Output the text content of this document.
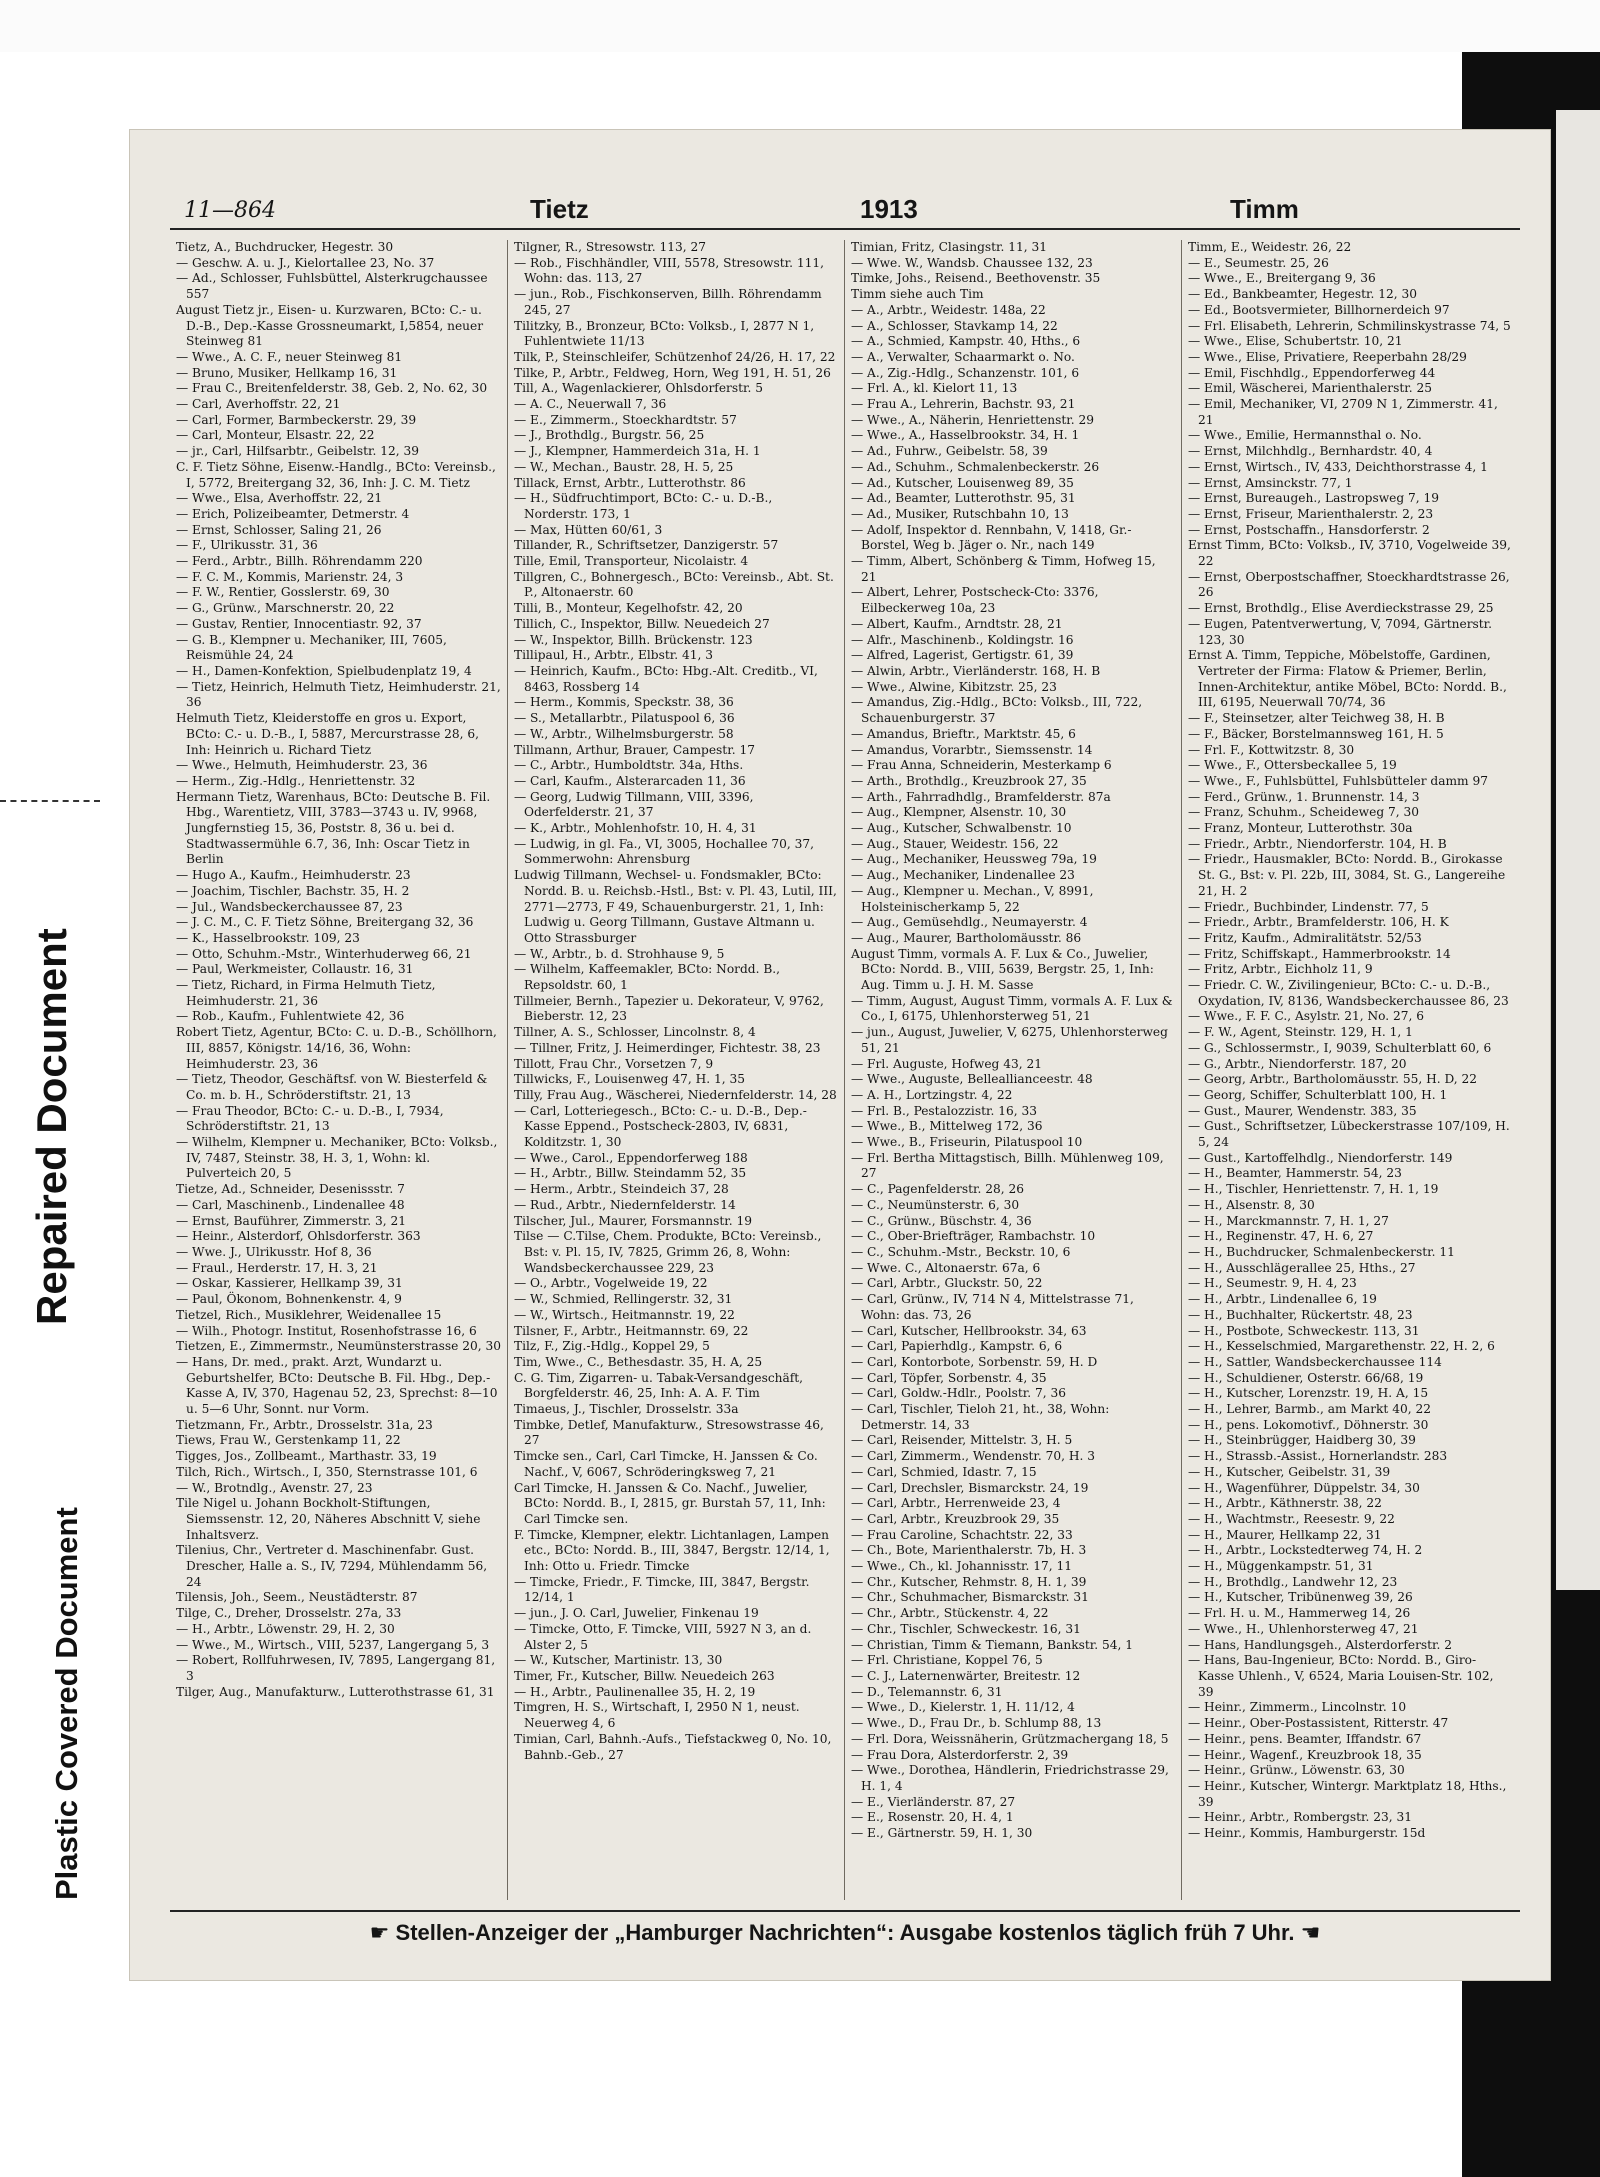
Repaired Document
Plastic Covered Document
11—864	Tietz	1913	Timm
Tietz, A., Buchdrucker, Hegestr. 30
— Geschw. A. u. J., Kielortallee 23, No. 37
— Ad., Schlosser, Fuhlsbüttel, Alsterkrugchaussee 557
August Tietz jr., Eisen- u. Kurzwaren, BCto: C.- u. D.-B., Dep.-Kasse Grossneumarkt, I,5854, neuer Steinweg 81
— Wwe., A. C. F., neuer Steinweg 81
— Bruno, Musiker, Hellkamp 16, 31
— Frau C., Breitenfelderstr. 38, Geb. 2, No. 62, 30
— Carl, Averhoffstr. 22, 21
— Carl, Former, Barmbeckerstr. 29, 39
— Carl, Monteur, Elsastr. 22, 22
— jr., Carl, Hilfsarbtr., Geibelstr. 12, 39
C. F. Tietz Söhne, Eisenw.-Handlg., BCto: Vereinsb., I, 5772, Breitergang 32, 36, Inh: J. C. M. Tietz
— Wwe., Elsa, Averhoffstr. 22, 21
— Erich, Polizeibeamter, Detmerstr. 4
— Ernst, Schlosser, Saling 21, 26
— F., Ulrikusstr. 31, 36
— Ferd., Arbtr., Billh. Röhrendamm 220
— F. C. M., Kommis, Marienstr. 24, 3
— F. W., Rentier, Gosslerstr. 69, 30
— G., Grünw., Marschnerstr. 20, 22
— Gustav, Rentier, Innocentiastr. 92, 37
— G. B., Klempner u. Mechaniker, III, 7605, Reismühle 24, 24
— H., Damen-Konfektion, Spielbudenplatz 19, 4
— Tietz, Heinrich, Helmuth Tietz, Heimhuderstr. 21, 36
Helmuth Tietz, Kleiderstoffe en gros u. Export, BCto: C.- u. D.-B., I, 5887, Mercurstrasse 28, 6, Inh: Heinrich u. Richard Tietz
— Wwe., Helmuth, Heimhuderstr. 23, 36
— Herm., Zig.-Hdlg., Henriettenstr. 32
Hermann Tietz, Warenhaus, BCto: Deutsche B. Fil. Hbg., Warentietz, VIII, 3783—3743 u. IV, 9968, Jungfernstieg 15, 36, Poststr. 8, 36 u. bei d. Stadtwassermühle 6.7, 36, Inh: Oscar Tietz in Berlin
— Hugo A., Kaufm., Heimhuderstr. 23
— Joachim, Tischler, Bachstr. 35, H. 2
— Jul., Wandsbeckerchaussee 87, 23
— J. C. M., C. F. Tietz Söhne, Breitergang 32, 36
— K., Hasselbrookstr. 109, 23
— Otto, Schuhm.-Mstr., Winterhuderweg 66, 21
— Paul, Werkmeister, Collaustr. 16, 31
— Tietz, Richard, in Firma Helmuth Tietz, Heimhuderstr. 21, 36
— Rob., Kaufm., Fuhlentwiete 42, 36
Robert Tietz, Agentur, BCto: C. u. D.-B., Schöllhorn, III, 8857, Königstr. 14/16, 36, Wohn: Heimhuderstr. 23, 36
— Tietz, Theodor, Geschäftsf. von W. Biesterfeld & Co. m. b. H., Schröderstiftstr. 21, 13
— Frau Theodor, BCto: C.- u. D.-B., I, 7934, Schröderstiftstr. 21, 13
— Wilhelm, Klempner u. Mechaniker, BCto: Volksb., IV, 7487, Steinstr. 38, H. 3, 1, Wohn: kl. Pulverteich 20, 5
Tietze, Ad., Schneider, Desenissstr. 7
— Carl, Maschinenb., Lindenallee 48
— Ernst, Bauführer, Zimmerstr. 3, 21
— Heinr., Alsterdorf, Ohlsdorferstr. 363
— Wwe. J., Ulrikusstr. Hof 8, 36
— Fraul., Herderstr. 17, H. 3, 21
— Oskar, Kassierer, Hellkamp 39, 31
— Paul, Ökonom, Bohnenkenstr. 4, 9
Tietzel, Rich., Musiklehrer, Weidenallee 15
— Wilh., Photogr. Institut, Rosenhofstrasse 16, 6
Tietzen, E., Zimmermstr., Neumünsterstrasse 20, 30
— Hans, Dr. med., prakt. Arzt, Wundarzt u. Geburtshelfer, BCto: Deutsche B. Fil. Hbg., Dep.-Kasse A, IV, 370, Hagenau 52, 23, Sprechst: 8—10 u. 5—6 Uhr, Sonnt. nur Vorm.
Tietzmann, Fr., Arbtr., Drosselstr. 31a, 23
Tiews, Frau W., Gerstenkamp 11, 22
Tigges, Jos., Zollbeamt., Marthastr. 33, 19
Tilch, Rich., Wirtsch., I, 350, Sternstrasse 101, 6
— W., Brotndlg., Avenstr. 27, 23
Tile Nigel u. Johann Bockholt-Stiftungen, Siemssenstr. 12, 20, Näheres Abschnitt V, siehe Inhaltsverz.
Tilenius, Chr., Vertreter d. Maschinenfabr. Gust. Drescher, Halle a. S., IV, 7294, Mühlendamm 56, 24
Tilensis, Joh., Seem., Neustädterstr. 87
Tilge, C., Dreher, Drosselstr. 27a, 33
— H., Arbtr., Löwenstr. 29, H. 2, 30
— Wwe., M., Wirtsch., VIII, 5237, Langergang 5, 3
— Robert, Rollfuhrwesen, IV, 7895, Langergang 81, 3
Tilger, Aug., Manufakturw., Lutterothstrasse 61, 31
Tilgner, R., Stresowstr. 113, 27
— Rob., Fischhändler, VIII, 5578, Stresowstr. 111, Wohn: das. 113, 27
— jun., Rob., Fischkonserven, Billh. Röhrendamm 245, 27
Tilitzky, B., Bronzeur, BCto: Volksb., I, 2877 N 1, Fuhlentwiete 11/13
Tilk, P., Steinschleifer, Schützenhof 24/26, H. 17, 22
Tilke, P., Arbtr., Feldweg, Horn, Weg 191, H. 51, 26
Till, A., Wagenlackierer, Ohlsdorferstr. 5
— A. C., Neuerwall 7, 36
— E., Zimmerm., Stoeckhardtstr. 57
— J., Brothdlg., Burgstr. 56, 25
— J., Klempner, Hammerdeich 31a, H. 1
— W., Mechan., Baustr. 28, H. 5, 25
Tillack, Ernst, Arbtr., Lutterothstr. 86
— H., Südfruchtimport, BCto: C.- u. D.-B., Norderstr. 173, 1
— Max, Hütten 60/61, 3
Tillander, R., Schriftsetzer, Danzigerstr. 57
Tille, Emil, Transporteur, Nicolaistr. 4
Tillgren, C., Bohnergesch., BCto: Vereinsb., Abt. St. P., Altonaerstr. 60
Tilli, B., Monteur, Kegelhofstr. 42, 20
Tillich, C., Inspektor, Billw. Neuedeich 27
— W., Inspektor, Billh. Brückenstr. 123
Tillipaul, H., Arbtr., Elbstr. 41, 3
— Heinrich, Kaufm., BCto: Hbg.-Alt. Creditb., VI, 8463, Rossberg 14
— Herm., Kommis, Speckstr. 38, 36
— S., Metallarbtr., Pilatuspool 6, 36
— W., Arbtr., Wilhelmsburgerstr. 58
Tillmann, Arthur, Brauer, Campestr. 17
— C., Arbtr., Humboldtstr. 34a, Hths.
— Carl, Kaufm., Alsterarcaden 11, 36
— Georg, Ludwig Tillmann, VIII, 3396, Oderfelderstr. 21, 37
— K., Arbtr., Mohlenhofstr. 10, H. 4, 31
— Ludwig, in gl. Fa., VI, 3005, Hochallee 70, 37, Sommerwohn: Ahrensburg
Ludwig Tillmann, Wechsel- u. Fondsmakler, BCto: Nordd. B. u. Reichsb.-Hstl., Bst: v. Pl. 43, Lutil, III, 2771—2773, F 49, Schauenburgerstr. 21, 1, Inh: Ludwig u. Georg Tillmann, Gustave Altmann u. Otto Strassburger
— W., Arbtr., b. d. Strohhause 9, 5
— Wilhelm, Kaffeemakler, BCto: Nordd. B., Repsoldstr. 60, 1
Tillmeier, Bernh., Tapezier u. Dekorateur, V, 9762, Bieberstr. 12, 23
Tillner, A. S., Schlosser, Lincolnstr. 8, 4
— Tillner, Fritz, J. Heimerdinger, Fichtestr. 38, 23
Tillott, Frau Chr., Vorsetzen 7, 9
Tillwicks, F., Louisenweg 47, H. 1, 35
Tilly, Frau Aug., Wäscherei, Niedernfelderstr. 14, 28
— Carl, Lotteriegesch., BCto: C.- u. D.-B., Dep.-Kasse Eppend., Postscheck-2803, IV, 6831, Kolditzstr. 1, 30
— Wwe., Carol., Eppendorferweg 188
— H., Arbtr., Billw. Steindamm 52, 35
— Herm., Arbtr., Steindeich 37, 28
— Rud., Arbtr., Niedernfelderstr. 14
Tilscher, Jul., Maurer, Forsmannstr. 19
Tilse — C.Tilse, Chem. Produkte, BCto: Vereinsb., Bst: v. Pl. 15, IV, 7825, Grimm 26, 8, Wohn: Wandsbeckerchaussee 229, 23
— O., Arbtr., Vogelweide 19, 22
— W., Schmied, Rellingerstr. 32, 31
— W., Wirtsch., Heitmannstr. 19, 22
Tilsner, F., Arbtr., Heitmannstr. 69, 22
Tilz, F., Zig.-Hdlg., Koppel 29, 5
Tim, Wwe., C., Bethesdastr. 35, H. A, 25
C. G. Tim, Zigarren- u. Tabak-Versandgeschäft, Borgfelderstr. 46, 25, Inh: A. A. F. Tim
Timaeus, J., Tischler, Drosselstr. 33a
Timbke, Detlef, Manufakturw., Stresowstrasse 46, 27
Timcke sen., Carl, Carl Timcke, H. Janssen & Co. Nachf., V, 6067, Schröderingksweg 7, 21
Carl Timcke, H. Janssen & Co. Nachf., Juwelier, BCto: Nordd. B., I, 2815, gr. Burstah 57, 11, Inh: Carl Timcke sen.
F. Timcke, Klempner, elektr. Lichtanlagen, Lampen etc., BCto: Nordd. B., III, 3847, Bergstr. 12/14, 1, Inh: Otto u. Friedr. Timcke
— Timcke, Friedr., F. Timcke, III, 3847, Bergstr. 12/14, 1
— jun., J. O. Carl, Juwelier, Finkenau 19
— Timcke, Otto, F. Timcke, VIII, 5927 N 3, an d. Alster 2, 5
— W., Kutscher, Martinistr. 13, 30
Timer, Fr., Kutscher, Billw. Neuedeich 263
— H., Arbtr., Paulinenallee 35, H. 2, 19
Timgren, H. S., Wirtschaft, I, 2950 N 1, neust. Neuerweg 4, 6
Timian, Carl, Bahnh.-Aufs., Tiefstackweg 0, No. 10, Bahnb.-Geb., 27
Timian, Fritz, Clasingstr. 11, 31
— Wwe. W., Wandsb. Chaussee 132, 23
Timke, Johs., Reisend., Beethovenstr. 35
Timm siehe auch Tim
— A., Arbtr., Weidestr. 148a, 22
— A., Schlosser, Stavkamp 14, 22
— A., Schmied, Kampstr. 40, Hths., 6
— A., Verwalter, Schaarmarkt o. No.
— A., Zig.-Hdlg., Schanzenstr. 101, 6
— Frl. A., kl. Kielort 11, 13
— Frau A., Lehrerin, Bachstr. 93, 21
— Wwe., A., Näherin, Henriettenstr. 29
— Wwe., A., Hasselbrookstr. 34, H. 1
— Ad., Fuhrw., Geibelstr. 58, 39
— Ad., Schuhm., Schmalenbeckerstr. 26
— Ad., Kutscher, Louisenweg 89, 35
— Ad., Beamter, Lutterothstr. 95, 31
— Ad., Musiker, Rutschbahn 10, 13
— Adolf, Inspektor d. Rennbahn, V, 1418, Gr.-Borstel, Weg b. Jäger o. Nr., nach 149
— Timm, Albert, Schönberg & Timm, Hofweg 15, 21
— Albert, Lehrer, Postscheck-Cto: 3376, Eilbeckerweg 10a, 23
— Albert, Kaufm., Arndtstr. 28, 21
— Alfr., Maschinenb., Koldingstr. 16
— Alfred, Lagerist, Gertigstr. 61, 39
— Alwin, Arbtr., Vierländerstr. 168, H. B
— Wwe., Alwine, Kibitzstr. 25, 23
— Amandus, Zig.-Hdlg., BCto: Volksb., III, 722, Schauenburgerstr. 37
— Amandus, Brieftr., Marktstr. 45, 6
— Amandus, Vorarbtr., Siemssenstr. 14
— Frau Anna, Schneiderin, Mesterkamp 6
— Arth., Brothdlg., Kreuzbrook 27, 35
— Arth., Fahrradhdlg., Bramfelderstr. 87a
— Aug., Klempner, Alsenstr. 10, 30
— Aug., Kutscher, Schwalbenstr. 10
— Aug., Stauer, Weidestr. 156, 22
— Aug., Mechaniker, Heussweg 79a, 19
— Aug., Mechaniker, Lindenallee 23
— Aug., Klempner u. Mechan., V, 8991, Holsteinischerkamp 5, 22
— Aug., Gemüsehdlg., Neumayerstr. 4
— Aug., Maurer, Bartholomäusstr. 86
August Timm, vormals A. F. Lux & Co., Juwelier, BCto: Nordd. B., VIII, 5639, Bergstr. 25, 1, Inh: Aug. Timm u. J. H. M. Sasse
— Timm, August, August Timm, vormals A. F. Lux & Co., I, 6175, Uhlenhorsterweg 51, 21
— jun., August, Juwelier, V, 6275, Uhlenhorsterweg 51, 21
— Frl. Auguste, Hofweg 43, 21
— Wwe., Auguste, Belleallianceestr. 48
— A. H., Lortzingstr. 4, 22
— Frl. B., Pestalozzistr. 16, 33
— Wwe., B., Mittelweg 172, 36
— Wwe., B., Friseurin, Pilatuspool 10
— Frl. Bertha Mittagstisch, Billh. Mühlenweg 109, 27
— C., Pagenfelderstr. 28, 26
— C., Neumünsterstr. 6, 30
— C., Grünw., Büschstr. 4, 36
— C., Ober-Briefträger, Rambachstr. 10
— C., Schuhm.-Mstr., Beckstr. 10, 6
— Wwe. C., Altonaerstr. 67a, 6
— Carl, Arbtr., Gluckstr. 50, 22
— Carl, Grünw., IV, 714 N 4, Mittelstrasse 71, Wohn: das. 73, 26
— Carl, Kutscher, Hellbrookstr. 34, 63
— Carl, Papierhdlg., Kampstr. 6, 6
— Carl, Kontorbote, Sorbenstr. 59, H. D
— Carl, Töpfer, Sorbenstr. 4, 35
— Carl, Goldw.-Hdlr., Poolstr. 7, 36
— Carl, Tischler, Tieloh 21, ht., 38, Wohn: Detmerstr. 14, 33
— Carl, Reisender, Mittelstr. 3, H. 5
— Carl, Zimmerm., Wendenstr. 70, H. 3
— Carl, Schmied, Idastr. 7, 15
— Carl, Drechsler, Bismarckstr. 24, 19
— Carl, Arbtr., Herrenweide 23, 4
— Carl, Arbtr., Kreuzbrook 29, 35
— Frau Caroline, Schachtstr. 22, 33
— Ch., Bote, Marienthalerstr. 7b, H. 3
— Wwe., Ch., kl. Johannisstr. 17, 11
— Chr., Kutscher, Rehmstr. 8, H. 1, 39
— Chr., Schuhmacher, Bismarckstr. 31
— Chr., Arbtr., Stückenstr. 4, 22
— Chr., Tischler, Schweckestr. 16, 31
— Christian, Timm & Tiemann, Bankstr. 54, 1
— Frl. Christiane, Koppel 76, 5
— C. J., Laternenwärter, Breitestr. 12
— D., Telemannstr. 6, 31
— Wwe., D., Kielerstr. 1, H. 11/12, 4
— Wwe., D., Frau Dr., b. Schlump 88, 13
— Frl. Dora, Weissnäherin, Grützmachergang 18, 5
— Frau Dora, Alsterdorferstr. 2, 39
— Wwe., Dorothea, Händlerin, Friedrichstrasse 29, H. 1, 4
— E., Vierländerstr. 87, 27
— E., Rosenstr. 20, H. 4, 1
— E., Gärtnerstr. 59, H. 1, 30
Timm, E., Weidestr. 26, 22
— E., Seumestr. 25, 26
— Wwe., E., Breitergang 9, 36
— Ed., Bankbeamter, Hegestr. 12, 30
— Ed., Bootsvermieter, Billhornerdeich 97
— Frl. Elisabeth, Lehrerin, Schmilinskystrasse 74, 5
— Wwe., Elise, Schubertstr. 10, 21
— Wwe., Elise, Privatiere, Reeperbahn 28/29
— Emil, Fischhdlg., Eppendorferweg 44
— Emil, Wäscherei, Marienthalerstr. 25
— Emil, Mechaniker, VI, 2709 N 1, Zimmerstr. 41, 21
— Wwe., Emilie, Hermannsthal o. No.
— Ernst, Milchhdlg., Bernhardstr. 40, 4
— Ernst, Wirtsch., IV, 433, Deichthorstrasse 4, 1
— Ernst, Amsinckstr. 77, 1
— Ernst, Bureaugeh., Lastropsweg 7, 19
— Ernst, Friseur, Marienthalerstr. 2, 23
— Ernst, Postschaffn., Hansdorferstr. 2
Ernst Timm, BCto: Volksb., IV, 3710, Vogelweide 39, 22
— Ernst, Oberpostschaffner, Stoeckhardtstrasse 26, 26
— Ernst, Brothdlg., Elise Averdieckstrasse 29, 25
— Eugen, Patentverwertung, V, 7094, Gärtnerstr. 123, 30
Ernst A. Timm, Teppiche, Möbelstoffe, Gardinen, Vertreter der Firma: Flatow & Priemer, Berlin, Innen-Architektur, antike Möbel, BCto: Nordd. B., III, 6195, Neuerwall 70/74, 36
— F., Steinsetzer, alter Teichweg 38, H. B
— F., Bäcker, Borstelmannsweg 161, H. 5
— Frl. F., Kottwitzstr. 8, 30
— Wwe., F., Ottersbeckallee 5, 19
— Wwe., F., Fuhlsbüttel, Fuhlsbütteler damm 97
— Ferd., Grünw., 1. Brunnenstr. 14, 3
— Franz, Schuhm., Scheideweg 7, 30
— Franz, Monteur, Lutterothstr. 30a
— Friedr., Arbtr., Niendorferstr. 104, H. B
— Friedr., Hausmakler, BCto: Nordd. B., Girokasse St. G., Bst: v. Pl. 22b, III, 3084, St. G., Langereihe 21, H. 2
— Friedr., Buchbinder, Lindenstr. 77, 5
— Friedr., Arbtr., Bramfelderstr. 106, H. K
— Fritz, Kaufm., Admiralitätstr. 52/53
— Fritz, Schiffskapt., Hammerbrookstr. 14
— Fritz, Arbtr., Eichholz 11, 9
— Friedr. C. W., Zivilingenieur, BCto: C.- u. D.-B., Oxydation, IV, 8136, Wandsbeckerchaussee 86, 23
— Wwe., F. F. C., Asylstr. 21, No. 27, 6
— F. W., Agent, Steinstr. 129, H. 1, 1
— G., Schlossermstr., I, 9039, Schulterblatt 60, 6
— G., Arbtr., Niendorferstr. 187, 20
— Georg, Arbtr., Bartholomäusstr. 55, H. D, 22
— Georg, Schiffer, Schulterblatt 100, H. 1
— Gust., Maurer, Wendenstr. 383, 35
— Gust., Schriftsetzer, Lübeckerstrasse 107/109, H. 5, 24
— Gust., Kartoffelhdlg., Niendorferstr. 149
— H., Beamter, Hammerstr. 54, 23
— H., Tischler, Henriettenstr. 7, H. 1, 19
— H., Alsenstr. 8, 30
— H., Marckmannstr. 7, H. 1, 27
— H., Reginenstr. 47, H. 6, 27
— H., Buchdrucker, Schmalenbeckerstr. 11
— H., Ausschlägerallee 25, Hths., 27
— H., Seumestr. 9, H. 4, 23
— H., Arbtr., Lindenallee 6, 19
— H., Buchhalter, Rückertstr. 48, 23
— H., Postbote, Schweckestr. 113, 31
— H., Kesselschmied, Margarethenstr. 22, H. 2, 6
— H., Sattler, Wandsbeckerchaussee 114
— H., Schuldiener, Osterstr. 66/68, 19
— H., Kutscher, Lorenzstr. 19, H. A, 15
— H., Lehrer, Barmb., am Markt 40, 22
— H., pens. Lokomotivf., Döhnerstr. 30
— H., Steinbrügger, Haidberg 30, 39
— H., Strassb.-Assist., Hornerlandstr. 283
— H., Kutscher, Geibelstr. 31, 39
— H., Wagenführer, Düppelstr. 34, 30
— H., Arbtr., Käthnerstr. 38, 22
— H., Wachtmstr., Reesestr. 9, 22
— H., Maurer, Hellkamp 22, 31
— H., Arbtr., Lockstedterweg 74, H. 2
— H., Müggenkampstr. 51, 31
— H., Brothdlg., Landwehr 12, 23
— H., Kutscher, Tribünenweg 39, 26
— Frl. H. u. M., Hammerweg 14, 26
— Wwe., H., Uhlenhorsterweg 47, 21
— Hans, Handlungsgeh., Alsterdorferstr. 2
— Hans, Bau-Ingenieur, BCto: Nordd. B., Giro-Kasse Uhlenh., V, 6524, Maria Louisen-Str. 102, 39
— Heinr., Zimmerm., Lincolnstr. 10
— Heinr., Ober-Postassistent, Ritterstr. 47
— Heinr., pens. Beamter, Iffandstr. 67
— Heinr., Wagenf., Kreuzbrook 18, 35
— Heinr., Grünw., Löwenstr. 63, 30
— Heinr., Kutscher, Wintergr. Marktplatz 18, Hths., 39
— Heinr., Arbtr., Rombergstr. 23, 31
— Heinr., Kommis, Hamburgerstr. 15d
☛ Stellen-Anzeiger der „Hamburger Nachrichten“: Ausgabe kostenlos täglich früh 7 Uhr. ☚
